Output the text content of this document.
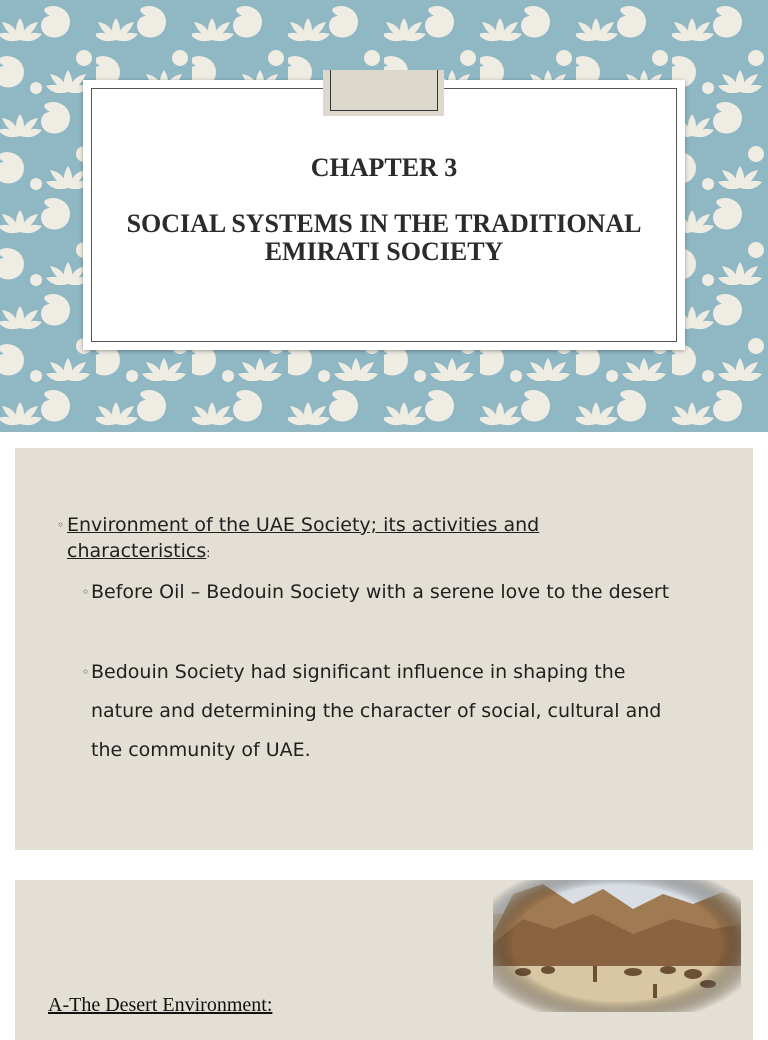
CHAPTER 3
SOCIAL SYSTEMS IN THE TRADITIONAL EMIRATI SOCIETY
◦ Environment of the UAE Society; its activities and characteristics:
◦ Before Oil – Bedouin Society with a serene love to the desert
◦ Bedouin Society had significant influence in shaping the nature and determining the character of social, cultural and the community of UAE.
A-The Desert Environment:
